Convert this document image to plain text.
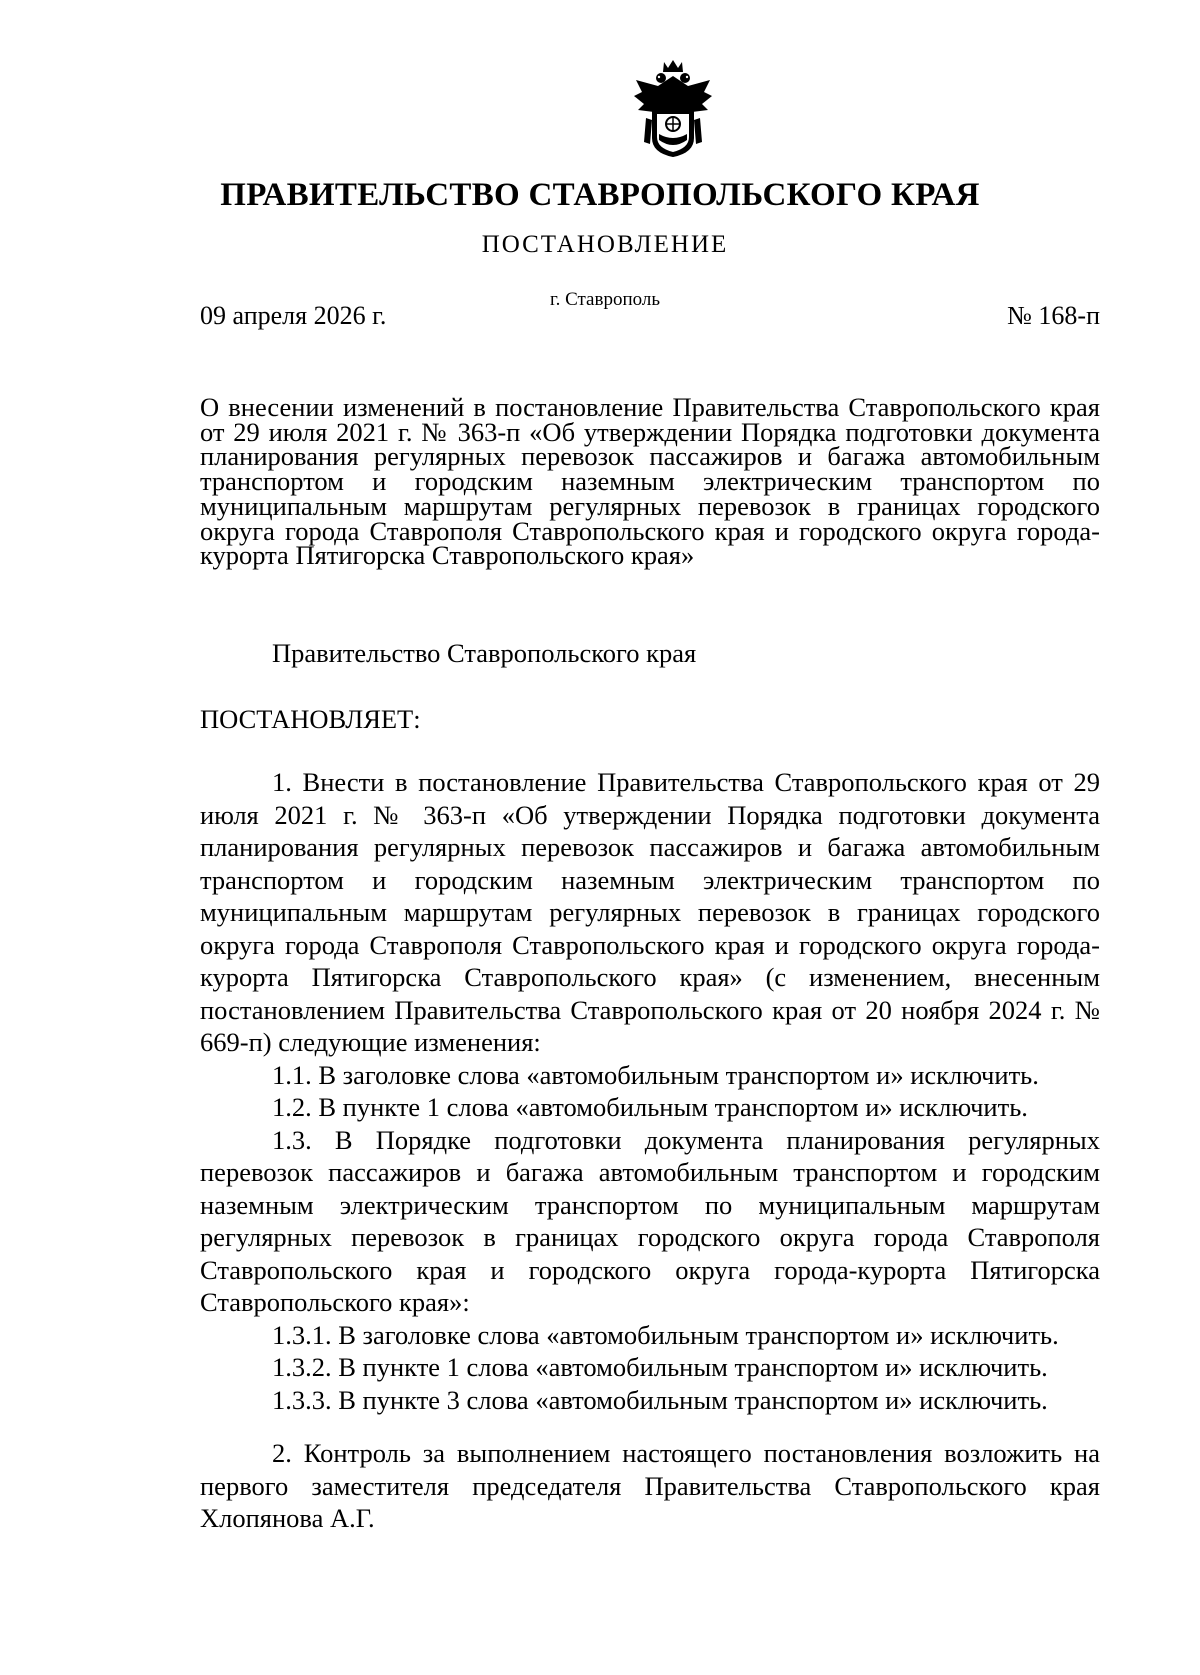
ПРАВИТЕЛЬСТВО СТАВРОПОЛЬСКОГО КРАЯ
ПОСТАНОВЛЕНИЕ
г. Ставрополь
09 апреля 2026 г.	№ 168-п
О внесении изменений в постановление Правительства Ставропольского края от 29 июля 2021 г. № 363-п «Об утверждении Порядка подготовки документа планирования регулярных перевозок пассажиров и багажа автомобильным транспортом и городским наземным электрическим транспортом по муниципальным маршрутам регулярных перевозок в границах городского округа города Ставрополя Ставропольского края и городского округа города-курорта Пятигорска Ставропольского края»
Правительство Ставропольского края
ПОСТАНОВЛЯЕТ:

1. Внести в постановление Правительства Ставропольского края от 29 июля 2021 г. № 363-п «Об утверждении Порядка подготовки документа планирования регулярных перевозок пассажиров и багажа автомобильным транспортом и городским наземным электрическим транспортом по муниципальным маршрутам регулярных перевозок в границах городского округа города Ставрополя Ставропольского края и городского округа города-курорта Пятигорска Ставропольского края» (с изменением, внесенным постановлением Правительства Ставропольского края от 20 ноября 2024 г. № 669-п) следующие изменения:

1.1. В заголовке слова «автомобильным транспортом и» исключить.

1.2. В пункте 1 слова «автомобильным транспортом и» исключить.

1.3. В Порядке подготовки документа планирования регулярных перевозок пассажиров и багажа автомобильным транспортом и городским наземным электрическим транспортом по муниципальным маршрутам регулярных перевозок в границах городского округа города Ставрополя Ставропольского края и городского округа города-курорта Пятигорска Ставропольского края»:

1.3.1. В заголовке слова «автомобильным транспортом и» исключить.

1.3.2. В пункте 1 слова «автомобильным транспортом и» исключить.

1.3.3. В пункте 3 слова «автомобильным транспортом и» исключить.

2. Контроль за выполнением настоящего постановления возложить на первого заместителя председателя Правительства Ставропольского края Хлопянова А.Г.
